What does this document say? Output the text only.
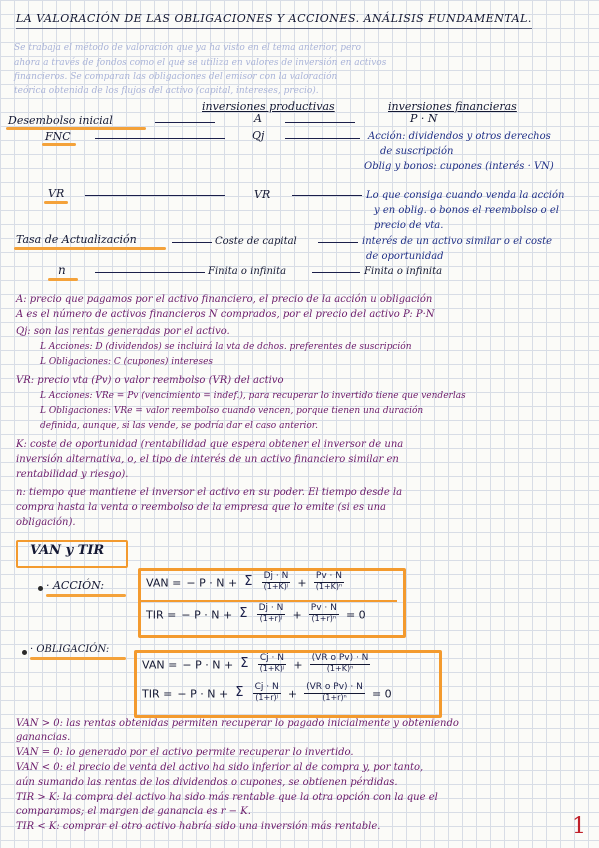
LA VALORACIÓN DE LAS OBLIGACIONES Y ACCIONES. ANÁLISIS FUNDAMENTAL.
Se trabaja el método de valoración que ya ha visto en el tema anterior, pero
ahora a través de fondos como el que se utiliza en valores de inversión en activos
financieros. Se comparan las obligaciones del emisor con la valoración
teórica obtenida de los flujos del activo (capital, intereses, precio).
inversiones productivas	inversiones financieras
Desembolso inicial	A	P · N
FNC	Qj	Acción: dividendos y otros derechos
de suscripción
Oblig y bonos: cupones (interés · VN)
VR	VR	Lo que consiga cuando venda la acción
y en oblig. o bonos el reembolso o el
precio de vta.
Tasa de Actualización	Coste de capital	interés de un activo similar o el coste
de oportunidad
n	Finita o infinita	Finita o infinita
A: precio que pagamos por el activo financiero, el precio de la acción u obligación
A es el número de activos financieros N comprados, por el precio del activo P: P·N
Qj: son las rentas generadas por el activo.
L Acciones: D (dividendos) se incluirá la vta de dchos. preferentes de suscripción
L Obligaciones: C (cupones) intereses
VR: precio vta (Pv) o valor reembolso (VR) del activo
L Acciones: VRe = Pv (vencimiento = indef.), para recuperar lo invertido tiene que venderlas
L Obligaciones: VRe = valor reembolso cuando vencen, porque tienen una duración
definida, aunque, si las vende, se podría dar el caso anterior.
K: coste de oportunidad (rentabilidad que espera obtener el inversor de una
inversión alternativa, o, el tipo de interés de un activo financiero similar en
rentabilidad y riesgo).
n: tiempo que mantiene el inversor el activo en su poder. El tiempo desde la
compra hasta la venta o reembolso de la empresa que lo emite (si es una
obligación).
VAN y TIR
· ACCIÓN:	VAN = − P · N + Σ $\frac{Dj \cdot N}{\text{(1+K)ʲ}} + \frac{Pv \cdot N}{\text{(1+K)ⁿ}}$
TIR = − P · N + Σ $\frac{Dj \cdot N}{\text{(1+r)ʲ}} + \frac{Pv \cdot N}{\text{(1+r)ⁿ}} = 0$
· OBLIGACIÓN:
VAN = − P · N + Σ $\frac{Cj \cdot N}{\text{(1+K)ʲ}} + \frac{\text{(VR o Pv) · N}}{\text{(1+K)ⁿ}}$
TIR = − P · N + Σ $\frac{Cj \cdot N}{\text{(1+r)ʲ}} + \frac{\text{(VR o Pv) · N}}{\text{(1+r)ⁿ}} = 0$
VAN > 0: las rentas obtenidas permiten recuperar lo pagado inicialmente y obteniendo
ganancias.
VAN = 0: lo generado por el activo permite recuperar lo invertido.
VAN < 0: el precio de venta del activo ha sido inferior al de compra y, por tanto,
aún sumando las rentas de los dividendos o cupones, se obtienen pérdidas.
TIR > K: la compra del activo ha sido más rentable que la otra opción con la que el
comparamos; el margen de ganancia es r − K.
TIR < K: comprar el otro activo habría sido una inversión más rentable.	1
